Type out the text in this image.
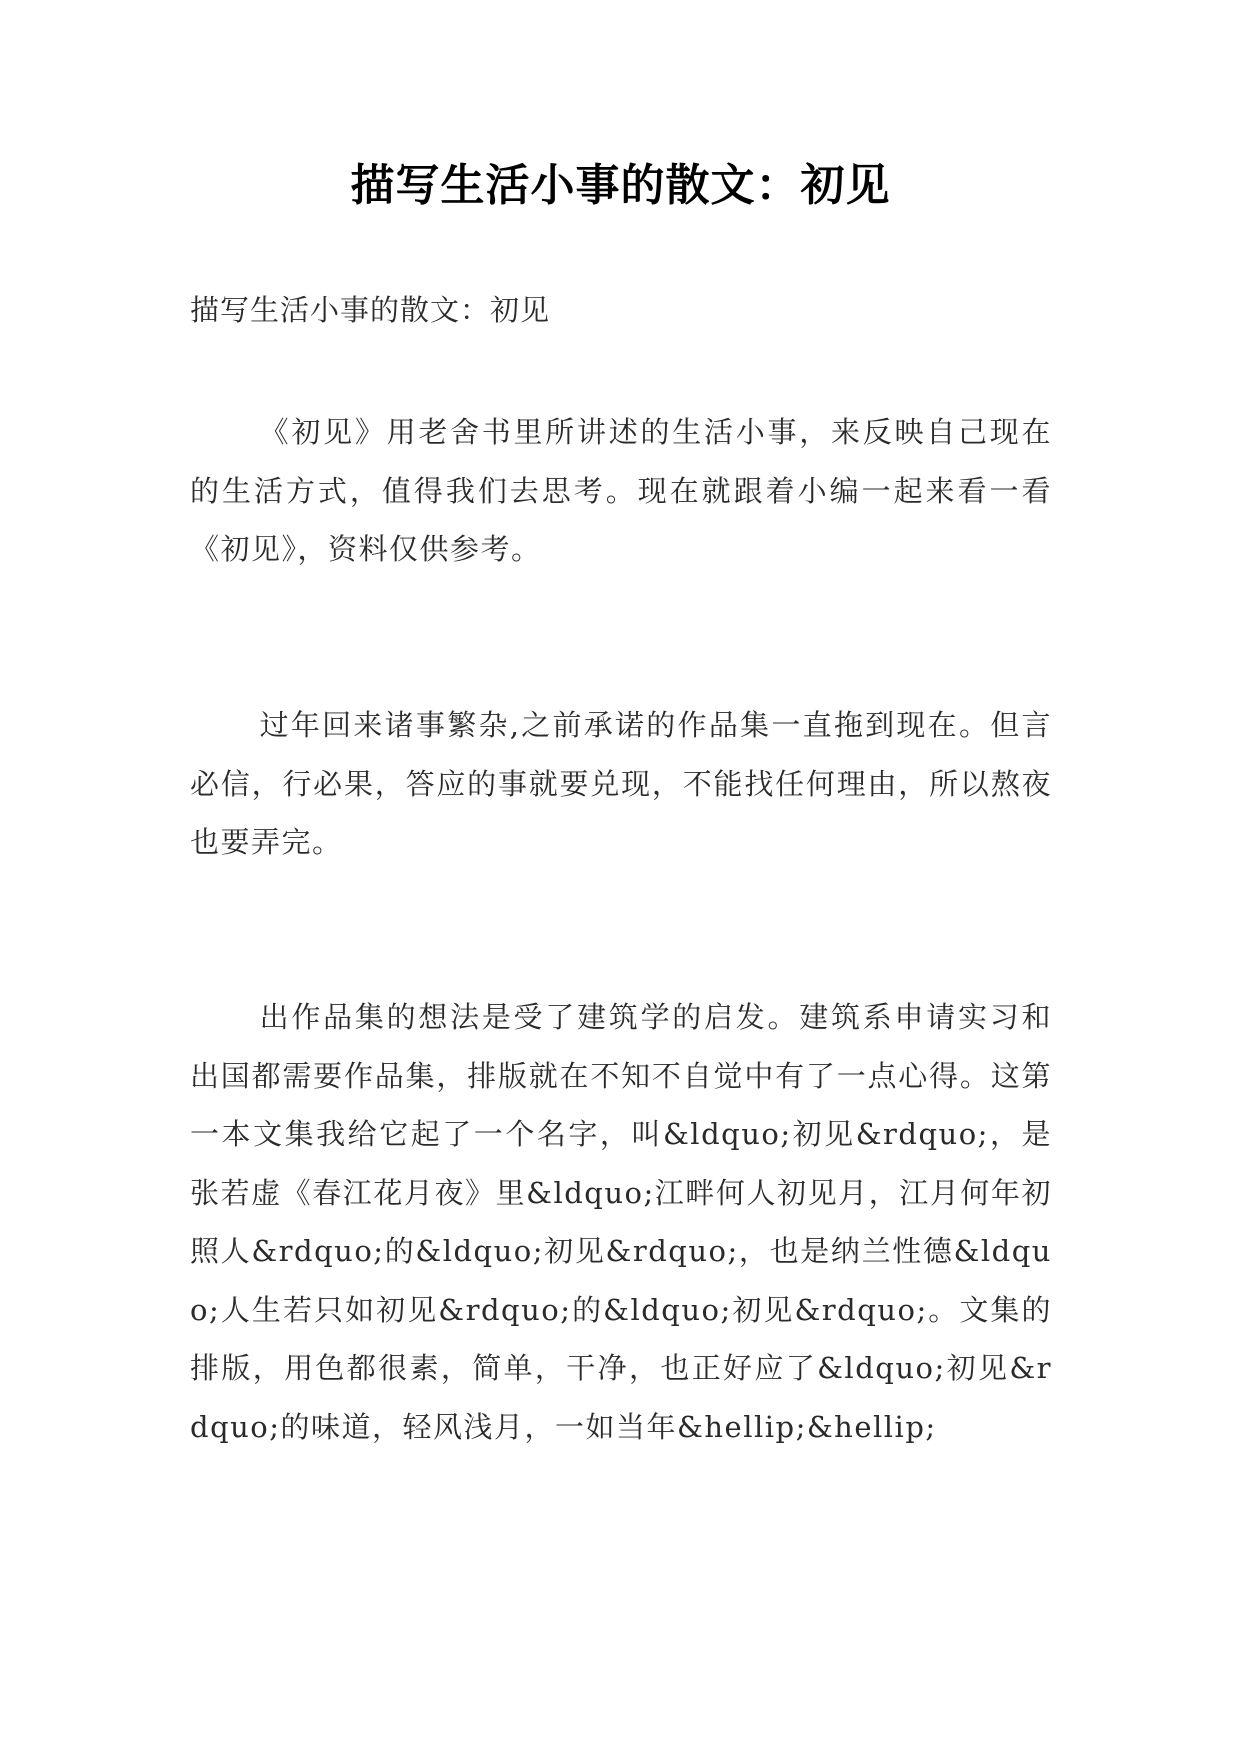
描写生活小事的散文：初见
描写生活小事的散文：初见

《初见》用老舍书里所讲述的生活小事，来反映自己现在的生活方式，值得我们去思考。现在就跟着小编一起来看一看《初见》，资料仅供参考。

过年回来诸事繁杂,之前承诺的作品集一直拖到现在。但言必信，行必果，答应的事就要兑现，不能找任何理由，所以熬夜也要弄完。

出作品集的想法是受了建筑学的启发。建筑系申请实习和出国都需要作品集，排版就在不知不自觉中有了一点心得。这第一本文集我给它起了一个名字，叫&ldquo;初见&rdquo;，是张若虚《春江花月夜》里&ldquo;江畔何人初见月，江月何年初照人&rdquo;的&ldquo;初见&rdquo;，也是纳兰性德&ldquo;人生若只如初见&rdquo;的&ldquo;初见&rdquo;。文集的排版，用色都很素，简单，干净，也正好应了&ldquo;初见&rdquo;的味道，轻风浅月，一如当年&hellip;&hellip;
